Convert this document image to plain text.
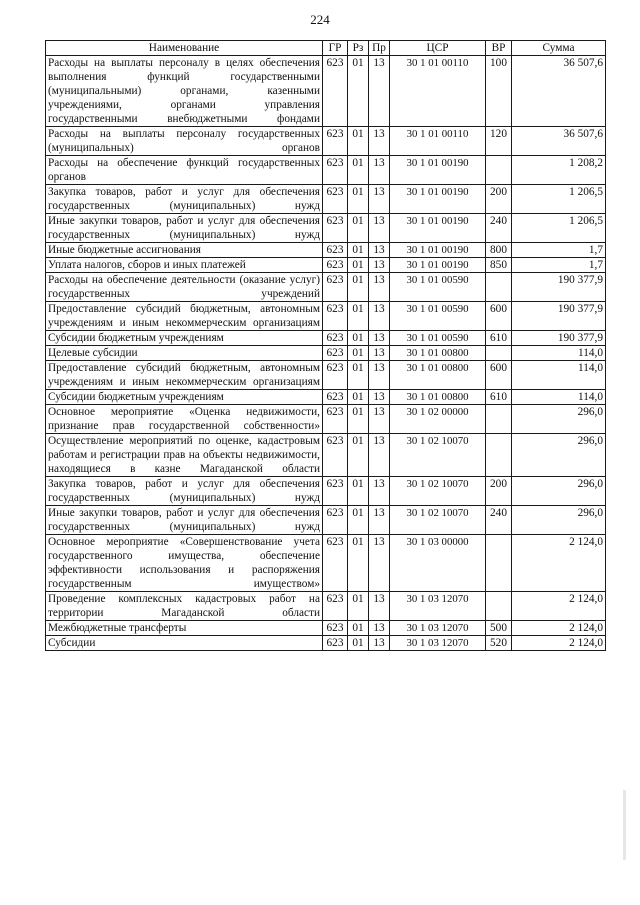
224
Наименование	ГР	Рз	Пр	ЦСР	ВР	Сумма
Расходы на выплаты персоналу в целях обеспечения выполнения функций государственными (муниципальными) органами, казенными учреждениями, органами управления государственными внебюджетными фондами	623	01	13	30 1 01 00110	100	36 507,6
Расходы на выплаты персоналу государственных (муниципальных) органов	623	01	13	30 1 01 00110	120	36 507,6
Расходы на обеспечение функций государственных органов	623	01	13	30 1 01 00190		1 208,2
Закупка товаров, работ и услуг для обеспечения государственных (муниципальных) нужд	623	01	13	30 1 01 00190	200	1 206,5
Иные закупки товаров, работ и услуг для обеспечения государственных (муниципальных) нужд	623	01	13	30 1 01 00190	240	1 206,5
Иные бюджетные ассигнования	623	01	13	30 1 01 00190	800	1,7
Уплата налогов, сборов и иных платежей	623	01	13	30 1 01 00190	850	1,7
Расходы на обеспечение деятельности (оказание услуг) государственных учреждений	623	01	13	30 1 01 00590		190 377,9
Предоставление субсидий бюджетным, автономным учреждениям и иным некоммерческим организациям	623	01	13	30 1 01 00590	600	190 377,9
Субсидии бюджетным учреждениям	623	01	13	30 1 01 00590	610	190 377,9
Целевые субсидии	623	01	13	30 1 01 00800		114,0
Предоставление субсидий бюджетным, автономным учреждениям и иным некоммерческим организациям	623	01	13	30 1 01 00800	600	114,0
Субсидии бюджетным учреждениям	623	01	13	30 1 01 00800	610	114,0
Основное мероприятие «Оценка недвижимости, признание прав государственной собственности»	623	01	13	30 1 02 00000		296,0
Осуществление мероприятий по оценке, кадастровым работам и регистрации прав на объекты недвижимости, находящиеся в казне Магаданской области	623	01	13	30 1 02 10070		296,0
Закупка товаров, работ и услуг для обеспечения государственных (муниципальных) нужд	623	01	13	30 1 02 10070	200	296,0
Иные закупки товаров, работ и услуг для обеспечения государственных (муниципальных) нужд	623	01	13	30 1 02 10070	240	296,0
Основное мероприятие «Совершенствование учета государственного имущества, обеспечение эффективности использования и распоряжения государственным имуществом»	623	01	13	30 1 03 00000		2 124,0
Проведение комплексных кадастровых работ на территории Магаданской области	623	01	13	30 1 03 12070		2 124,0
Межбюджетные трансферты	623	01	13	30 1 03 12070	500	2 124,0
Субсидии	623	01	13	30 1 03 12070	520	2 124,0
